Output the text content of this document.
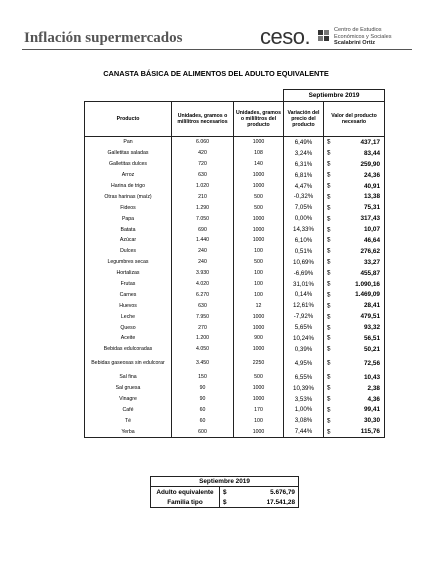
Inflación supermercados	ceso.	Centro de Estudios
Económicos y Sociales
Scalabrini Ortiz
CANASTA BÁSICA DE ALIMENTOS DEL ADULTO EQUIVALENTE
			Septiembre 2019	
Producto	Unidades, gramos o mililitros necesarios	Unidades, gramos o mililitros del producto	Variación del precio del producto	Valor del producto necesario
Pan	6.060	1000	6,49%	$ 437,17

Galletitas saladas	420	108	3,24%	$ 83,44

Galletitas dulces	720	140	6,31%	$ 259,90

Arroz	630	1000	6,81%	$ 24,36

Harina de trigo	1.020	1000	4,47%	$ 40,91

Otras harinas (maíz)	210	500	-0,32%	$ 13,38

Fideos	1.290	500	7,05%	$ 75,31

Papa	7.050	1000	0,00%	$ 317,43

Batata	690	1000	14,33%	$ 10,07

Azúcar	1.440	1000	6,10%	$ 46,64

Dulces	240	100	0,51%	$ 276,62

Legumbres secas	240	500	10,69%	$ 33,27

Hortalizas	3.930	100	-6,69%	$ 455,87

Frutas	4.020	100	31,01%	$ 1.090,16

Carnes	6.270	100	0,14%	$ 1.469,09

Huevos	630	12	12,61%	$ 28,41

Leche	7.950	1000	-7,92%	$ 479,51

Queso	270	1000	5,65%	$ 93,32

Aceite	1.200	900	10,24%	$ 56,51

Bebidas edulcoradas	4.050	1000	0,39%	$ 50,21

Bebidas gaseosas sin edulcorar	3.450	2250	4,95%	$ 72,56

Sal fina	150	500	6,55%	$ 10,43

Sal gruesa	90	1000	10,39%	$ 2,38

Vinagre	90	1000	3,53%	$ 4,36

Café	60	170	1,00%	$ 99,41

Té	60	100	3,08%	$ 30,30

Yerba	600	1000	7,44%	$ 115,76
Septiembre 2019		
Adulto equivalente	$	5.676,79
Familia tipo	$	17.541,28
